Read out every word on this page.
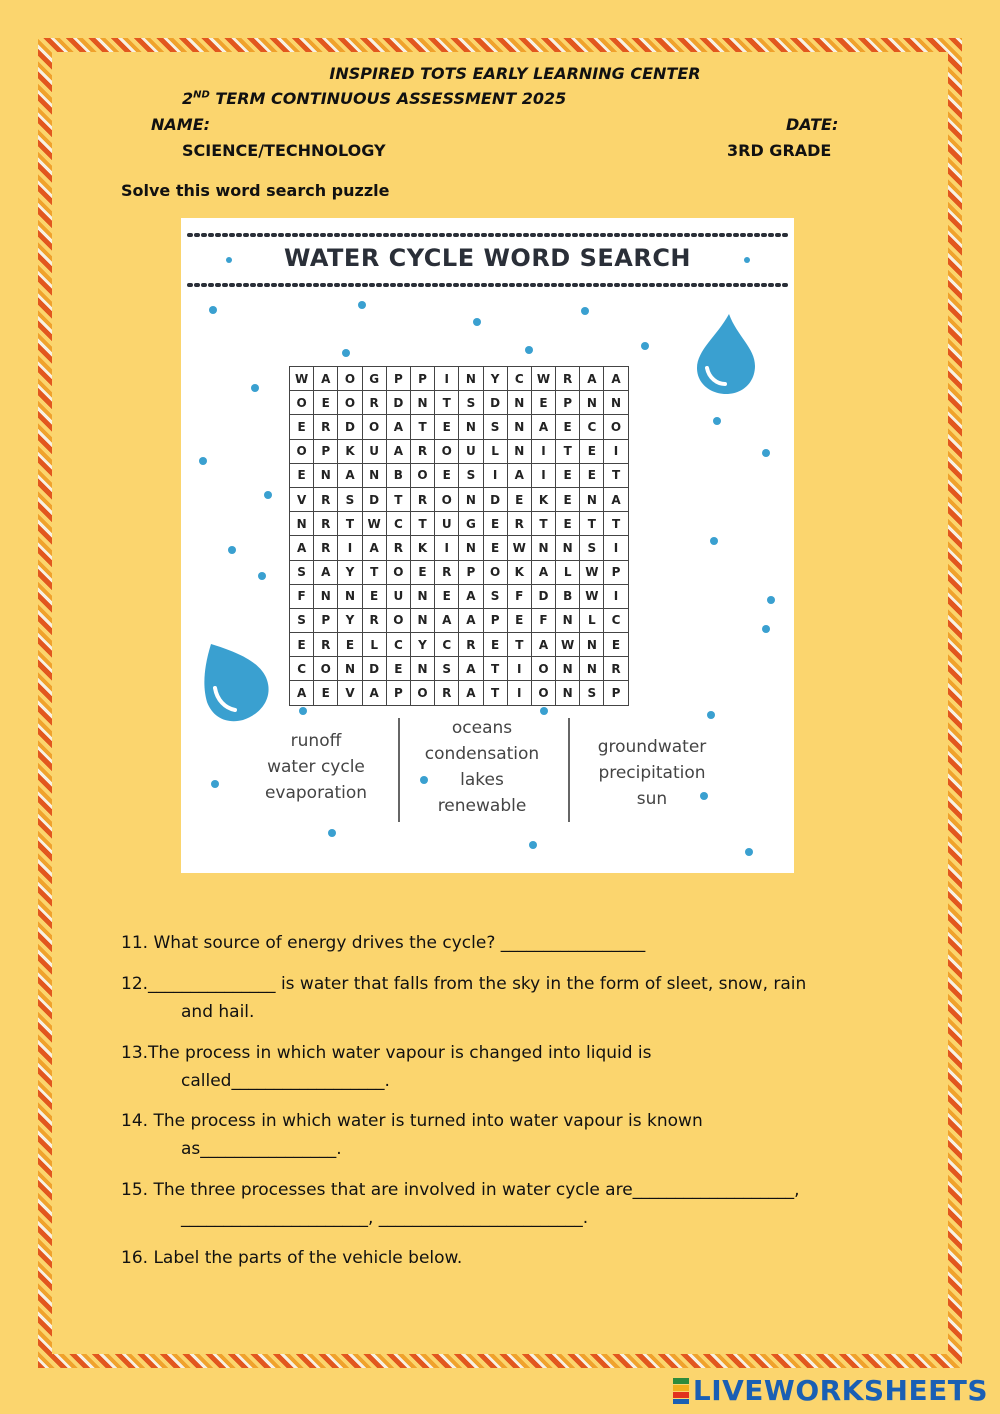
INSPIRED TOTS EARLY LEARNING CENTER
2ND TERM CONTINUOUS ASSESSMENT 2025
NAME:	DATE:
SCIENCE/TECHNOLOGY	3RD GRADE
Solve this word search puzzle
WATER CYCLE WORD SEARCH
W	A	O	G	P	P	I	N	Y	C	W	R	A	A
O	E	O	R	D	N	T	S	D	N	E	P	N	N
E	R	D	O	A	T	E	N	S	N	A	E	C	O
O	P	K	U	A	R	O	U	L	N	I	T	E	I
E	N	A	N	B	O	E	S	I	A	I	E	E	T
V	R	S	D	T	R	O	N	D	E	K	E	N	A
N	R	T	W	C	T	U	G	E	R	T	E	T	T
A	R	I	A	R	K	I	N	E	W	N	N	S	I
S	A	Y	T	O	E	R	P	O	K	A	L	W	P
F	N	N	E	U	N	E	A	S	F	D	B	W	I
S	P	Y	R	O	N	A	A	P	E	F	N	L	C
E	R	E	L	C	Y	C	R	E	T	A	W	N	E
C	O	N	D	E	N	S	A	T	I	O	N	N	R
A	E	V	A	P	O	R	A	T	I	O	N	S	P
runoff
water cycle
evaporation
oceans
condensation
lakes
renewable
groundwater
precipitation
sun
11. What source of energy drives the cycle? _________________
12._______________ is water that falls from the sky in the form of sleet, snow, rain
and hail.
13.The process in which water vapour is changed into liquid is
called__________________.
14. The process in which water is turned into water vapour is known
as________________.
15. The three processes that are involved in water cycle are___________________,
______________________, ________________________.
16. Label the parts of the vehicle below.
LIVEWORKSHEETS
